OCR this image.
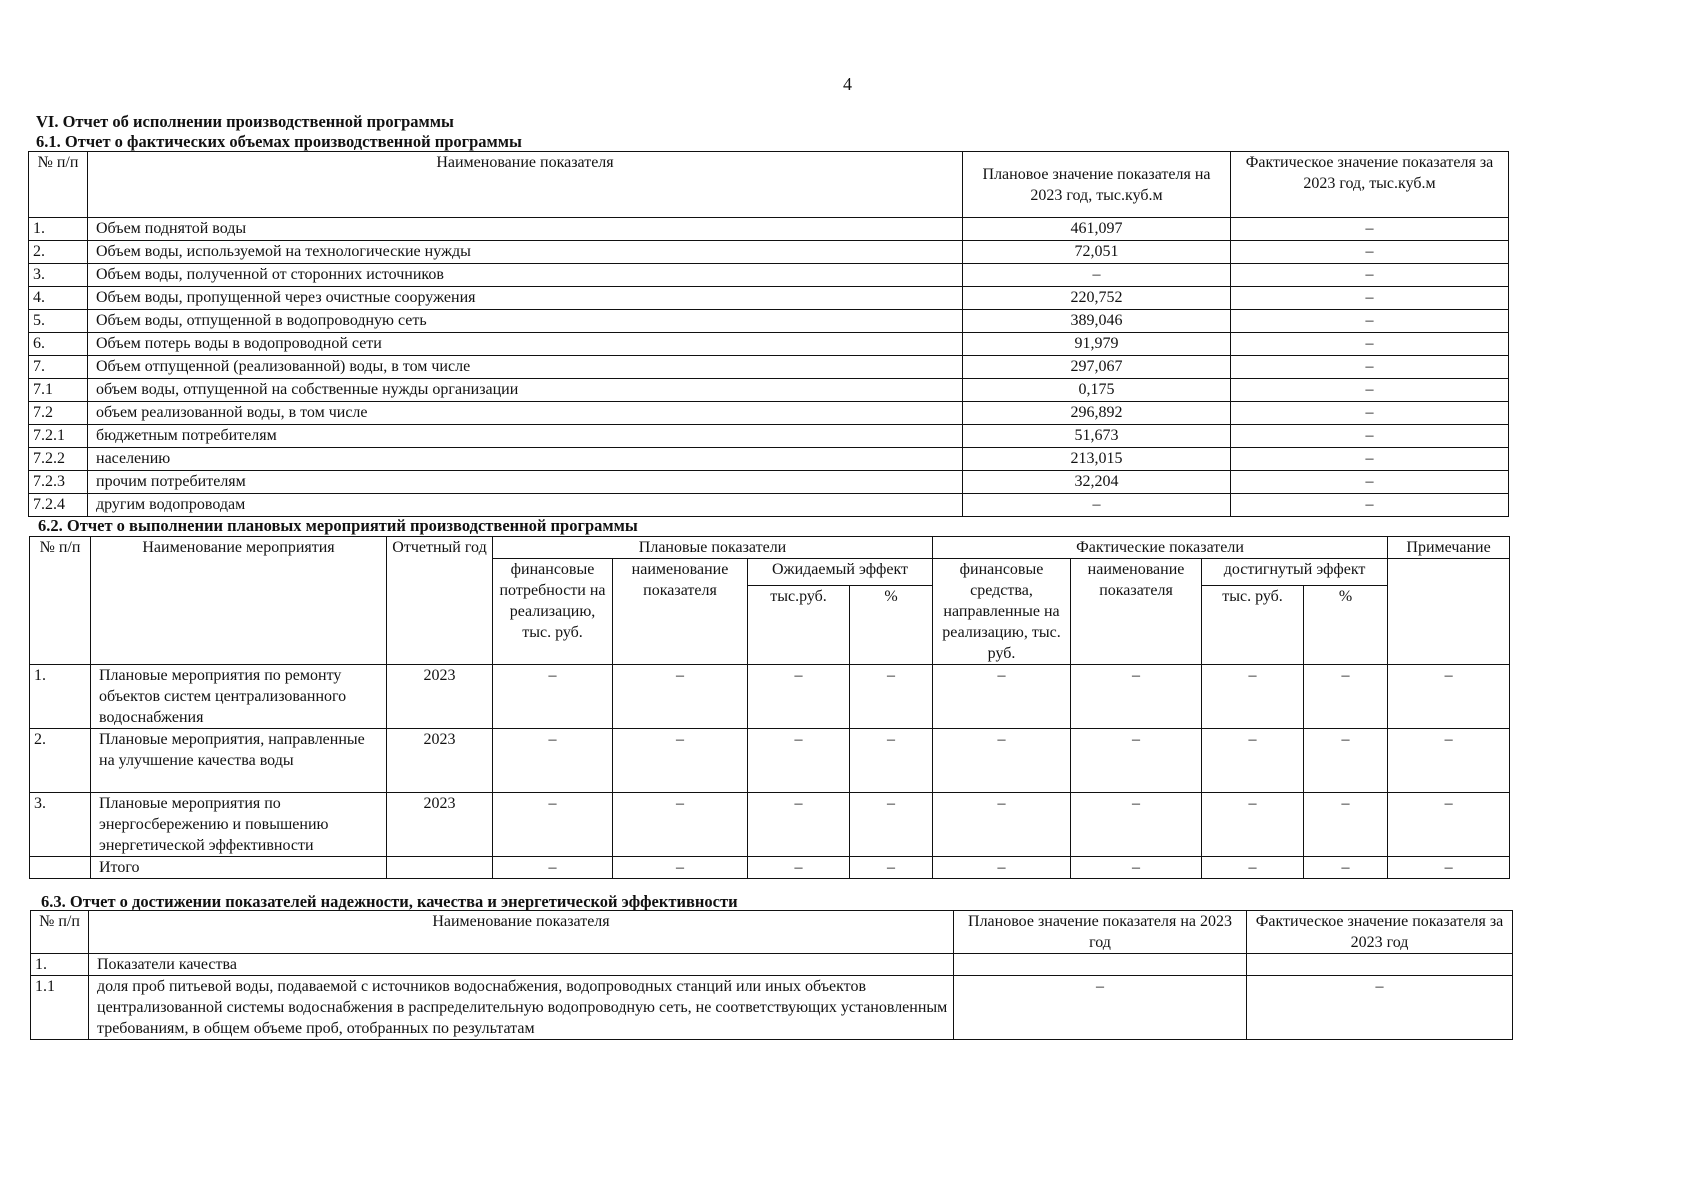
4
VI. Отчет об исполнении производственной программы
6.1. Отчет о фактических объемах производственной программы
№ п/п	Наименование показателя	Плановое значение показателя на 2023 год, тыс.куб.м	Фактическое значение показателя за 2023 год, тыс.куб.м
1.	Объем поднятой воды	461,097	–
2.	Объем воды, используемой на технологические нужды	72,051	–
3.	Объем воды, полученной от сторонних источников	–	–
4.	Объем воды, пропущенной через очистные сооружения	220,752	–
5.	Объем воды, отпущенной в водопроводную сеть	389,046	–
6.	Объем потерь воды в водопроводной сети	91,979	–
7.	Объем отпущенной (реализованной) воды, в том числе	297,067	–
7.1	объем воды, отпущенной на собственные нужды организации	0,175	–
7.2	объем реализованной воды, в том числе	296,892	–
7.2.1	бюджетным потребителям	51,673	–
7.2.2	населению	213,015	–
7.2.3	прочим потребителям	32,204	–
7.2.4	другим водопроводам	–	–
6.2. Отчет о выполнении плановых мероприятий производственной программы
№ п/п	Наименование мероприятия	Отчетный год	Плановые показатели				Фактические показатели				Примечание
			финансовые потребности на реализацию, тыс. руб.	наименование показателя	Ожидаемый эффект		финансовые средства, направленные на реализацию, тыс. руб.	наименование показателя	достигнутый эффект		
					тыс.руб.	%			тыс. руб.	%	
1.	Плановые мероприятия по ремонту объектов систем централизованного водоснабжения	2023	–	–	–	–	–	–	–	–	–
2.	Плановые мероприятия, направленные на улучшение качества воды	2023	–	–	–	–	–	–	–	–	–
3.	Плановые мероприятия по энергосбережению и повышению энергетической эффективности	2023	–	–	–	–	–	–	–	–	–
	Итого		–	–	–	–	–	–	–	–	–
6.3. Отчет о достижении показателей надежности, качества и энергетической эффективности
№ п/п	Наименование показателя	Плановое значение показателя на 2023 год	Фактическое значение показателя за 2023 год
1.	Показатели качества		
1.1	доля проб питьевой воды, подаваемой с источников водоснабжения, водопроводных станций или иных объектов централизованной системы водоснабжения в распределительную водопроводную сеть, не соответствующих установленным требованиям, в общем объеме проб, отобранных по результатам	–	–
